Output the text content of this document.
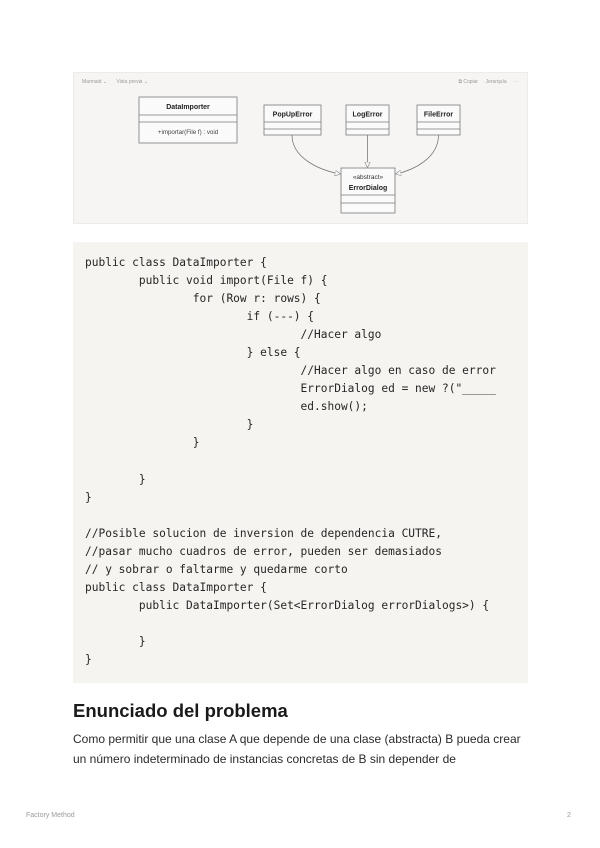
Marmaid ⌄ Vista previa ⌄	⧉ Copiar Jerarquía ⋯
DataImporter
+importar(File f) : void
PopUpError	LogError	FileError
«abstract»
ErrorDialog
public class DataImporter {
public void import(File f) {
for (Row r: rows) {
if (---) {
//Hacer algo
} else {
//Hacer algo en caso de error
ErrorDialog ed = new ?("_____
ed.show();
}
}

}
}

//Posible solucion de inversion de dependencia CUTRE,
//pasar mucho cuadros de error, pueden ser demasiados
// y sobrar o faltarme y quedarme corto
public class DataImporter {
public DataImporter(Set<ErrorDialog errorDialogs>) {

}
}
Enunciado del problema

Como permitir que una clase A que depende de una clase (abstracta) B pueda crear un número indeterminado de instancias concretas de B sin depender de

Factory Method	2
